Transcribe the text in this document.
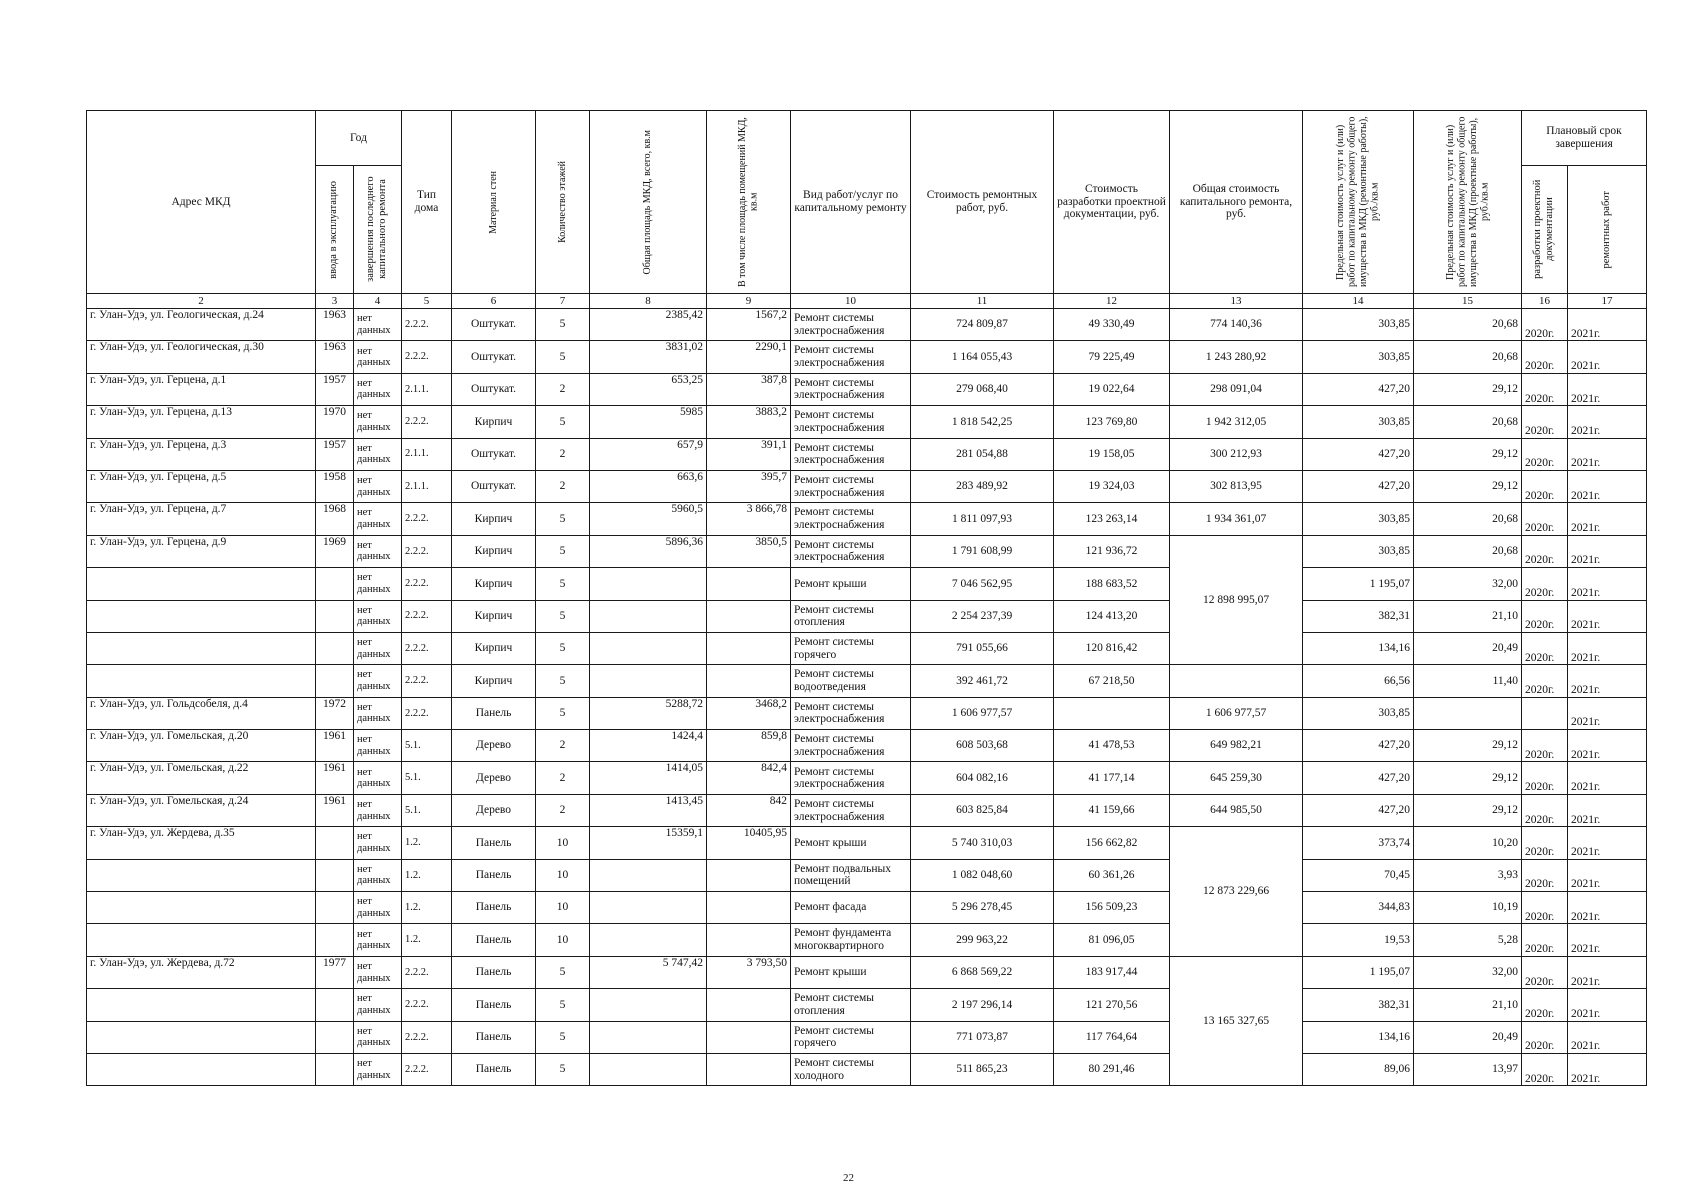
Адрес МКД	Год		Тип дома	Материал стен	Количество этажей	Общая площадь МКД, всего, кв.м	В том числе площадь помещений МКД, кв.м	Вид работ/услуг по капитальному ремонту	Стоимость ремонтных работ, руб.	Стоимость разработки проектной документации, руб.	Общая стоимость капитального ремонта, руб.	Предельная стоимость услуг и (или) работ по капитальному ремонту общего имущества в МКД (ремонтные работы), руб./кв.м	Предельная стоимость услуг и (или) работ по капитальному ремонту общего имущества в МКД (проектные работы), руб./кв.м	Плановый срок завершения	

	ввода в эксплуатацию	завершения последнего капитального ремонта												разработки проектной документации	ремонтных работ

2	3	4	5	6	7	8	9	10	11	12	13	14	15	16	17
г. Улан-Удэ, ул. Геологическая, д.24	1963	нет данных	2.2.2.	Оштукат.	5	2385,42	1567,2	Ремонт системы электроснабжения	724 809,87	49 330,49	774 140,36	303,85	20,68	2020г.	2021г.
г. Улан-Удэ, ул. Геологическая, д.30	1963	нет данных	2.2.2.	Оштукат.	5	3831,02	2290,1	Ремонт системы электроснабжения	1 164 055,43	79 225,49	1 243 280,92	303,85	20,68	2020г.	2021г.
г. Улан-Удэ, ул. Герцена, д.1	1957	нет данных	2.1.1.	Оштукат.	2	653,25	387,8	Ремонт системы электроснабжения	279 068,40	19 022,64	298 091,04	427,20	29,12	2020г.	2021г.
г. Улан-Удэ, ул. Герцена, д.13	1970	нет данных	2.2.2.	Кирпич	5	5985	3883,2	Ремонт системы электроснабжения	1 818 542,25	123 769,80	1 942 312,05	303,85	20,68	2020г.	2021г.
г. Улан-Удэ, ул. Герцена, д.3	1957	нет данных	2.1.1.	Оштукат.	2	657,9	391,1	Ремонт системы электроснабжения	281 054,88	19 158,05	300 212,93	427,20	29,12	2020г.	2021г.
г. Улан-Удэ, ул. Герцена, д.5	1958	нет данных	2.1.1.	Оштукат.	2	663,6	395,7	Ремонт системы электроснабжения	283 489,92	19 324,03	302 813,95	427,20	29,12	2020г.	2021г.
г. Улан-Удэ, ул. Герцена, д.7	1968	нет данных	2.2.2.	Кирпич	5	5960,5	3 866,78	Ремонт системы электроснабжения	1 811 097,93	123 263,14	1 934 361,07	303,85	20,68	2020г.	2021г.
г. Улан-Удэ, ул. Герцена, д.9	1969	нет данных	2.2.2.	Кирпич	5	5896,36	3850,5	Ремонт системы электроснабжения	1 791 608,99	121 936,72	12 898 995,07	303,85	20,68	2020г.	2021г.
		нет данных	2.2.2.	Кирпич	5			Ремонт крыши	7 046 562,95	188 683,52		1 195,07	32,00	2020г.	2021г.
		нет данных	2.2.2.	Кирпич	5			Ремонт системы отопления	2 254 237,39	124 413,20		382,31	21,10	2020г.	2021г.
		нет данных	2.2.2.	Кирпич	5			Ремонт системы горячего	791 055,66	120 816,42		134,16	20,49	2020г.	2021г.
		нет данных	2.2.2.	Кирпич	5			Ремонт системы водоотведения	392 461,72	67 218,50		66,56	11,40	2020г.	2021г.
г. Улан-Удэ, ул. Гольдсобеля, д.4	1972	нет данных	2.2.2.	Панель	5	5288,72	3468,2	Ремонт системы электроснабжения	1 606 977,57		1 606 977,57	303,85			2021г.
г. Улан-Удэ, ул. Гомельская, д.20	1961	нет данных	5.1.	Дерево	2	1424,4	859,8	Ремонт системы электроснабжения	608 503,68	41 478,53	649 982,21	427,20	29,12	2020г.	2021г.
г. Улан-Удэ, ул. Гомельская, д.22	1961	нет данных	5.1.	Дерево	2	1414,05	842,4	Ремонт системы электроснабжения	604 082,16	41 177,14	645 259,30	427,20	29,12	2020г.	2021г.
г. Улан-Удэ, ул. Гомельская, д.24	1961	нет данных	5.1.	Дерево	2	1413,45	842	Ремонт системы электроснабжения	603 825,84	41 159,66	644 985,50	427,20	29,12	2020г.	2021г.
г. Улан-Удэ, ул. Жердева, д.35		нет данных	1.2.	Панель	10	15359,1	10405,95	Ремонт крыши	5 740 310,03	156 662,82	12 873 229,66	373,74	10,20	2020г.	2021г.
		нет данных	1.2.	Панель	10			Ремонт подвальных помещений	1 082 048,60	60 361,26		70,45	3,93	2020г.	2021г.
		нет данных	1.2.	Панель	10			Ремонт фасада	5 296 278,45	156 509,23		344,83	10,19	2020г.	2021г.
		нет данных	1.2.	Панель	10			Ремонт фундамента многоквартирного	299 963,22	81 096,05		19,53	5,28	2020г.	2021г.
г. Улан-Удэ, ул. Жердева, д.72	1977	нет данных	2.2.2.	Панель	5	5 747,42	3 793,50	Ремонт крыши	6 868 569,22	183 917,44	13 165 327,65	1 195,07	32,00	2020г.	2021г.
		нет данных	2.2.2.	Панель	5			Ремонт системы отопления	2 197 296,14	121 270,56		382,31	21,10	2020г.	2021г.
		нет данных	2.2.2.	Панель	5			Ремонт системы горячего	771 073,87	117 764,64		134,16	20,49	2020г.	2021г.
		нет данных	2.2.2.	Панель	5			Ремонт системы холодного	511 865,23	80 291,46		89,06	13,97	2020г.	2021г.
22
